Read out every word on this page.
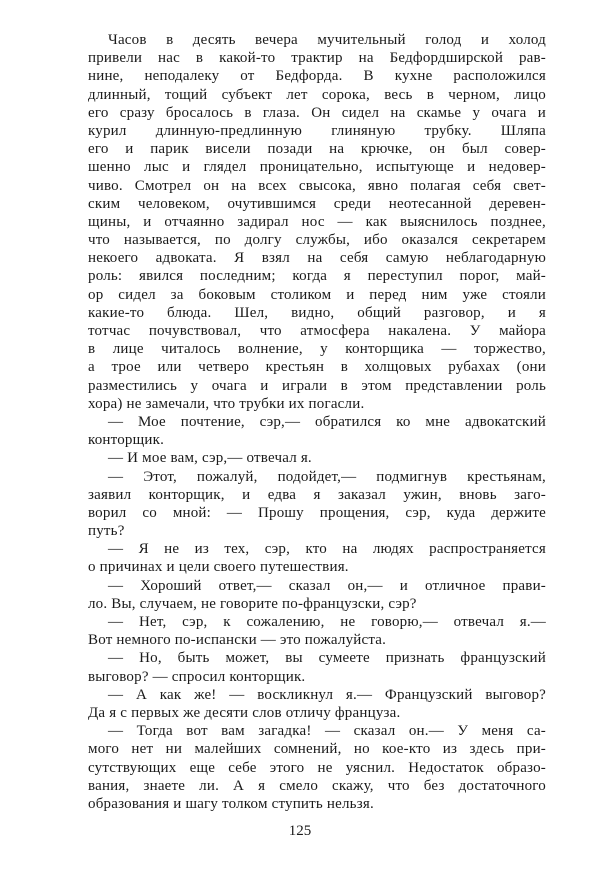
Часов в десять вечера мучительный голод и холод
привели нас в какой-то трактир на Бедфордширской рав-
нине, неподалеку от Бедфорда. В кухне расположился
длинный, тощий субъект лет сорока, весь в черном, лицо
его сразу бросалось в глаза. Он сидел на скамье у очага и
курил длинную-предлинную глиняную трубку. Шляпа
его и парик висели позади на крючке, он был совер-
шенно лыс и глядел проницательно, испытующе и недовер-
чиво. Смотрел он на всех свысока, явно полагая себя свет-
ским человеком, очутившимся среди неотесанной деревен-
щины, и отчаянно задирал нос — как выяснилось позднее,
что называется, по долгу службы, ибо оказался секретарем
некоего адвоката. Я взял на себя самую неблагодарную
роль: явился последним; когда я переступил порог, май-
ор сидел за боковым столиком и перед ним уже стояли
какие-то блюда. Шел, видно, общий разговор, и я
тотчас почувствовал, что атмосфера накалена. У майора
в лице читалось волнение, у конторщика — торжество,
а трое или четверо крестьян в холщовых рубахах (они
разместились у очага и играли в этом представлении роль
хора) не замечали, что трубки их погасли.
— Мое почтение, сэр,— обратился ко мне адвокатский
конторщик.
— И мое вам, сэр,— отвечал я.
— Этот, пожалуй, подойдет,— подмигнув крестьянам,
заявил конторщик, и едва я заказал ужин, вновь заго-
ворил со мной: — Прошу прощения, сэр, куда держите
путь?
— Я не из тех, сэр, кто на людях распространяется
о причинах и цели своего путешествия.
— Хороший ответ,— сказал он,— и отличное прави-
ло. Вы, случаем, не говорите по-французски, сэр?
— Нет, сэр, к сожалению, не говорю,— отвечал я.—
Вот немного по-испански — это пожалуйста.
— Но, быть может, вы сумеете признать французский
выговор? — спросил конторщик.
— А как же! — воскликнул я.— Французский выговор?
Да я с первых же десяти слов отличу француза.
— Тогда вот вам загадка! — сказал он.— У меня са-
мого нет ни малейших сомнений, но кое-кто из здесь при-
сутствующих еще себе этого не уяснил. Недостаток образо-
вания, знаете ли. А я смело скажу, что без достаточного
образования и шагу толком ступить нельзя.
125
